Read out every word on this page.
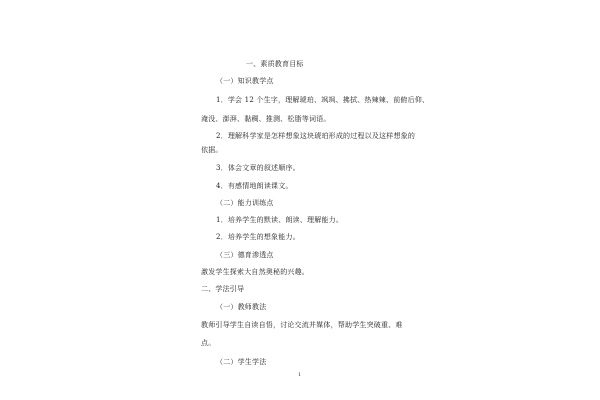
一、素质教育目标
（一）知识教学点
1．学会 12 个生字，理解琥珀、飒飒、拂拭、热辣辣、前俯后仰、
淹没、澎湃、黏稠、推测、松脂等词语。
2．理解科学家是怎样想象这块琥珀形成的过程以及这样想象的
依据。
3．体会文章的叙述顺序。
4．有感情地朗读课文。
（二）能力训练点
1．培养学生的默读、朗读、理解能力。
2．培养学生的想象能力。
（三）德育渗透点
激发学生探索大自然奥秘的兴趣。
二、学法引导
（一）教师教法
教师引导学生自读自悟，讨论交流并媒体，帮助学生突破重、难
点。
（二）学生学法
1
